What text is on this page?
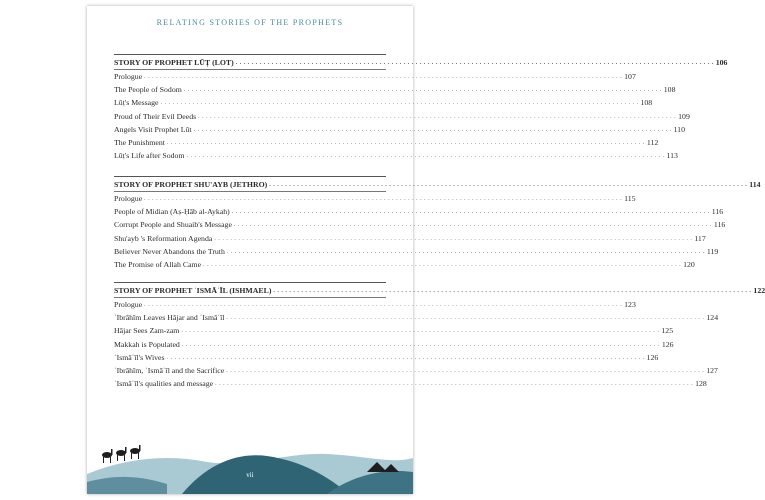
RELATING STORIES OF THE PROPHETS
STORY OF PROPHET LŪṬ (LOT) . . . . . . . . . . . . . . . . . . . . . . . . . . . . . . . . . . . . . . . . . . . . . . . . . . . . . . . . . . . . . . . . . . . . . . . . . . . . . . . . . . . . . . . . . . . . . . . . . . . . . . . . . . . . . . . . . . . . . . . . 106
Prologue . . . . . . . . . . . . . . . . . . . . . . . . . . . . . . . . . . . . . . . . . . . . . . . . . . . . . . . . . . . . . . . . . . . . . . . . . . . . . . . . . . . . . . . . . . . . . . . . . . . . . . . . . . . . . . . . . . . . . . . . 107
The People of Sodom . . . . . . . . . . . . . . . . . . . . . . . . . . . . . . . . . . . . . . . . . . . . . . . . . . . . . . . . . . . . . . . . . . . . . . . . . . . . . . . . . . . . . . . . . . . . . . . . . . . . . . . . . . . . . . . . . . . . . . . . 108
Lūṭ's Message . . . . . . . . . . . . . . . . . . . . . . . . . . . . . . . . . . . . . . . . . . . . . . . . . . . . . . . . . . . . . . . . . . . . . . . . . . . . . . . . . . . . . . . . . . . . . . . . . . . . . . . . . . . . . . . . . . . . . . . . 108
Proud of Their Evil Deeds . . . . . . . . . . . . . . . . . . . . . . . . . . . . . . . . . . . . . . . . . . . . . . . . . . . . . . . . . . . . . . . . . . . . . . . . . . . . . . . . . . . . . . . . . . . . . . . . . . . . . . . . . . . . . . . . . . . . . . . . 109
Angels Visit Prophet Lūt . . . . . . . . . . . . . . . . . . . . . . . . . . . . . . . . . . . . . . . . . . . . . . . . . . . . . . . . . . . . . . . . . . . . . . . . . . . . . . . . . . . . . . . . . . . . . . . . . . . . . . . . . . . . . . . . . . . . . . . . 110
The Punishment . . . . . . . . . . . . . . . . . . . . . . . . . . . . . . . . . . . . . . . . . . . . . . . . . . . . . . . . . . . . . . . . . . . . . . . . . . . . . . . . . . . . . . . . . . . . . . . . . . . . . . . . . . . . . . . . . . . . . . . . 112
Lūṭ's Life after Sodom . . . . . . . . . . . . . . . . . . . . . . . . . . . . . . . . . . . . . . . . . . . . . . . . . . . . . . . . . . . . . . . . . . . . . . . . . . . . . . . . . . . . . . . . . . . . . . . . . . . . . . . . . . . . . . . . . . . . . . . . 113
STORY OF PROPHET SHU'AYB (JETHRO) . . . . . . . . . . . . . . . . . . . . . . . . . . . . . . . . . . . . . . . . . . . . . . . . . . . . . . . . . . . . . . . . . . . . . . . . . . . . . . . . . . . . . . . . . . . . . . . . . . . . . . . . . . . . . . . . . . . . . . . . 114
Prologue . . . . . . . . . . . . . . . . . . . . . . . . . . . . . . . . . . . . . . . . . . . . . . . . . . . . . . . . . . . . . . . . . . . . . . . . . . . . . . . . . . . . . . . . . . . . . . . . . . . . . . . . . . . . . . . . . . . . . . . . 115
People of Midian (Aṣ-Ḥāb al-Aykah) . . . . . . . . . . . . . . . . . . . . . . . . . . . . . . . . . . . . . . . . . . . . . . . . . . . . . . . . . . . . . . . . . . . . . . . . . . . . . . . . . . . . . . . . . . . . . . . . . . . . . . . . . . . . . . . . . . . . . . . . 116
Corrupt People and Shuaib's Message . . . . . . . . . . . . . . . . . . . . . . . . . . . . . . . . . . . . . . . . . . . . . . . . . . . . . . . . . . . . . . . . . . . . . . . . . . . . . . . . . . . . . . . . . . . . . . . . . . . . . . . . . . . . . . . . . . . . . . . . 116
Shu'ayb 's Reformation Agenda . . . . . . . . . . . . . . . . . . . . . . . . . . . . . . . . . . . . . . . . . . . . . . . . . . . . . . . . . . . . . . . . . . . . . . . . . . . . . . . . . . . . . . . . . . . . . . . . . . . . . . . . . . . . . . . . . . . . . . . . 117
Believer Never Abandons the Truth . . . . . . . . . . . . . . . . . . . . . . . . . . . . . . . . . . . . . . . . . . . . . . . . . . . . . . . . . . . . . . . . . . . . . . . . . . . . . . . . . . . . . . . . . . . . . . . . . . . . . . . . . . . . . . . . . . . . . . . . 119
The Promise of Allah Came . . . . . . . . . . . . . . . . . . . . . . . . . . . . . . . . . . . . . . . . . . . . . . . . . . . . . . . . . . . . . . . . . . . . . . . . . . . . . . . . . . . . . . . . . . . . . . . . . . . . . . . . . . . . . . . . . . . . . . . . 120
STORY OF PROPHET ʿISMĀʿĪL (ISHMAEL) . . . . . . . . . . . . . . . . . . . . . . . . . . . . . . . . . . . . . . . . . . . . . . . . . . . . . . . . . . . . . . . . . . . . . . . . . . . . . . . . . . . . . . . . . . . . . . . . . . . . . . . . . . . . . . . . . . . . . . . . 122
Prologue . . . . . . . . . . . . . . . . . . . . . . . . . . . . . . . . . . . . . . . . . . . . . . . . . . . . . . . . . . . . . . . . . . . . . . . . . . . . . . . . . . . . . . . . . . . . . . . . . . . . . . . . . . . . . . . . . . . . . . . . 123
ʿIbrāhīm Leaves Hājar and ʿIsmāʿīl . . . . . . . . . . . . . . . . . . . . . . . . . . . . . . . . . . . . . . . . . . . . . . . . . . . . . . . . . . . . . . . . . . . . . . . . . . . . . . . . . . . . . . . . . . . . . . . . . . . . . . . . . . . . . . . . . . . . . . . . 124
Hājar Sees Zam-zam . . . . . . . . . . . . . . . . . . . . . . . . . . . . . . . . . . . . . . . . . . . . . . . . . . . . . . . . . . . . . . . . . . . . . . . . . . . . . . . . . . . . . . . . . . . . . . . . . . . . . . . . . . . . . . . . . . . . . . . . 125
Makkah is Populated . . . . . . . . . . . . . . . . . . . . . . . . . . . . . . . . . . . . . . . . . . . . . . . . . . . . . . . . . . . . . . . . . . . . . . . . . . . . . . . . . . . . . . . . . . . . . . . . . . . . . . . . . . . . . . . . . . . . . . . . 126
ʿIsmāʿīl's Wives . . . . . . . . . . . . . . . . . . . . . . . . . . . . . . . . . . . . . . . . . . . . . . . . . . . . . . . . . . . . . . . . . . . . . . . . . . . . . . . . . . . . . . . . . . . . . . . . . . . . . . . . . . . . . . . . . . . . . . . . 126
ʿIbrāhīm, ʿIsmāʿīl and the Sacrifice . . . . . . . . . . . . . . . . . . . . . . . . . . . . . . . . . . . . . . . . . . . . . . . . . . . . . . . . . . . . . . . . . . . . . . . . . . . . . . . . . . . . . . . . . . . . . . . . . . . . . . . . . . . . . . . . . . . . . . . . 127
ʿIsmāʿīl's qualities and message . . . . . . . . . . . . . . . . . . . . . . . . . . . . . . . . . . . . . . . . . . . . . . . . . . . . . . . . . . . . . . . . . . . . . . . . . . . . . . . . . . . . . . . . . . . . . . . . . . . . . . . . . . . . . . . . . . . . . . . . 128
vii
